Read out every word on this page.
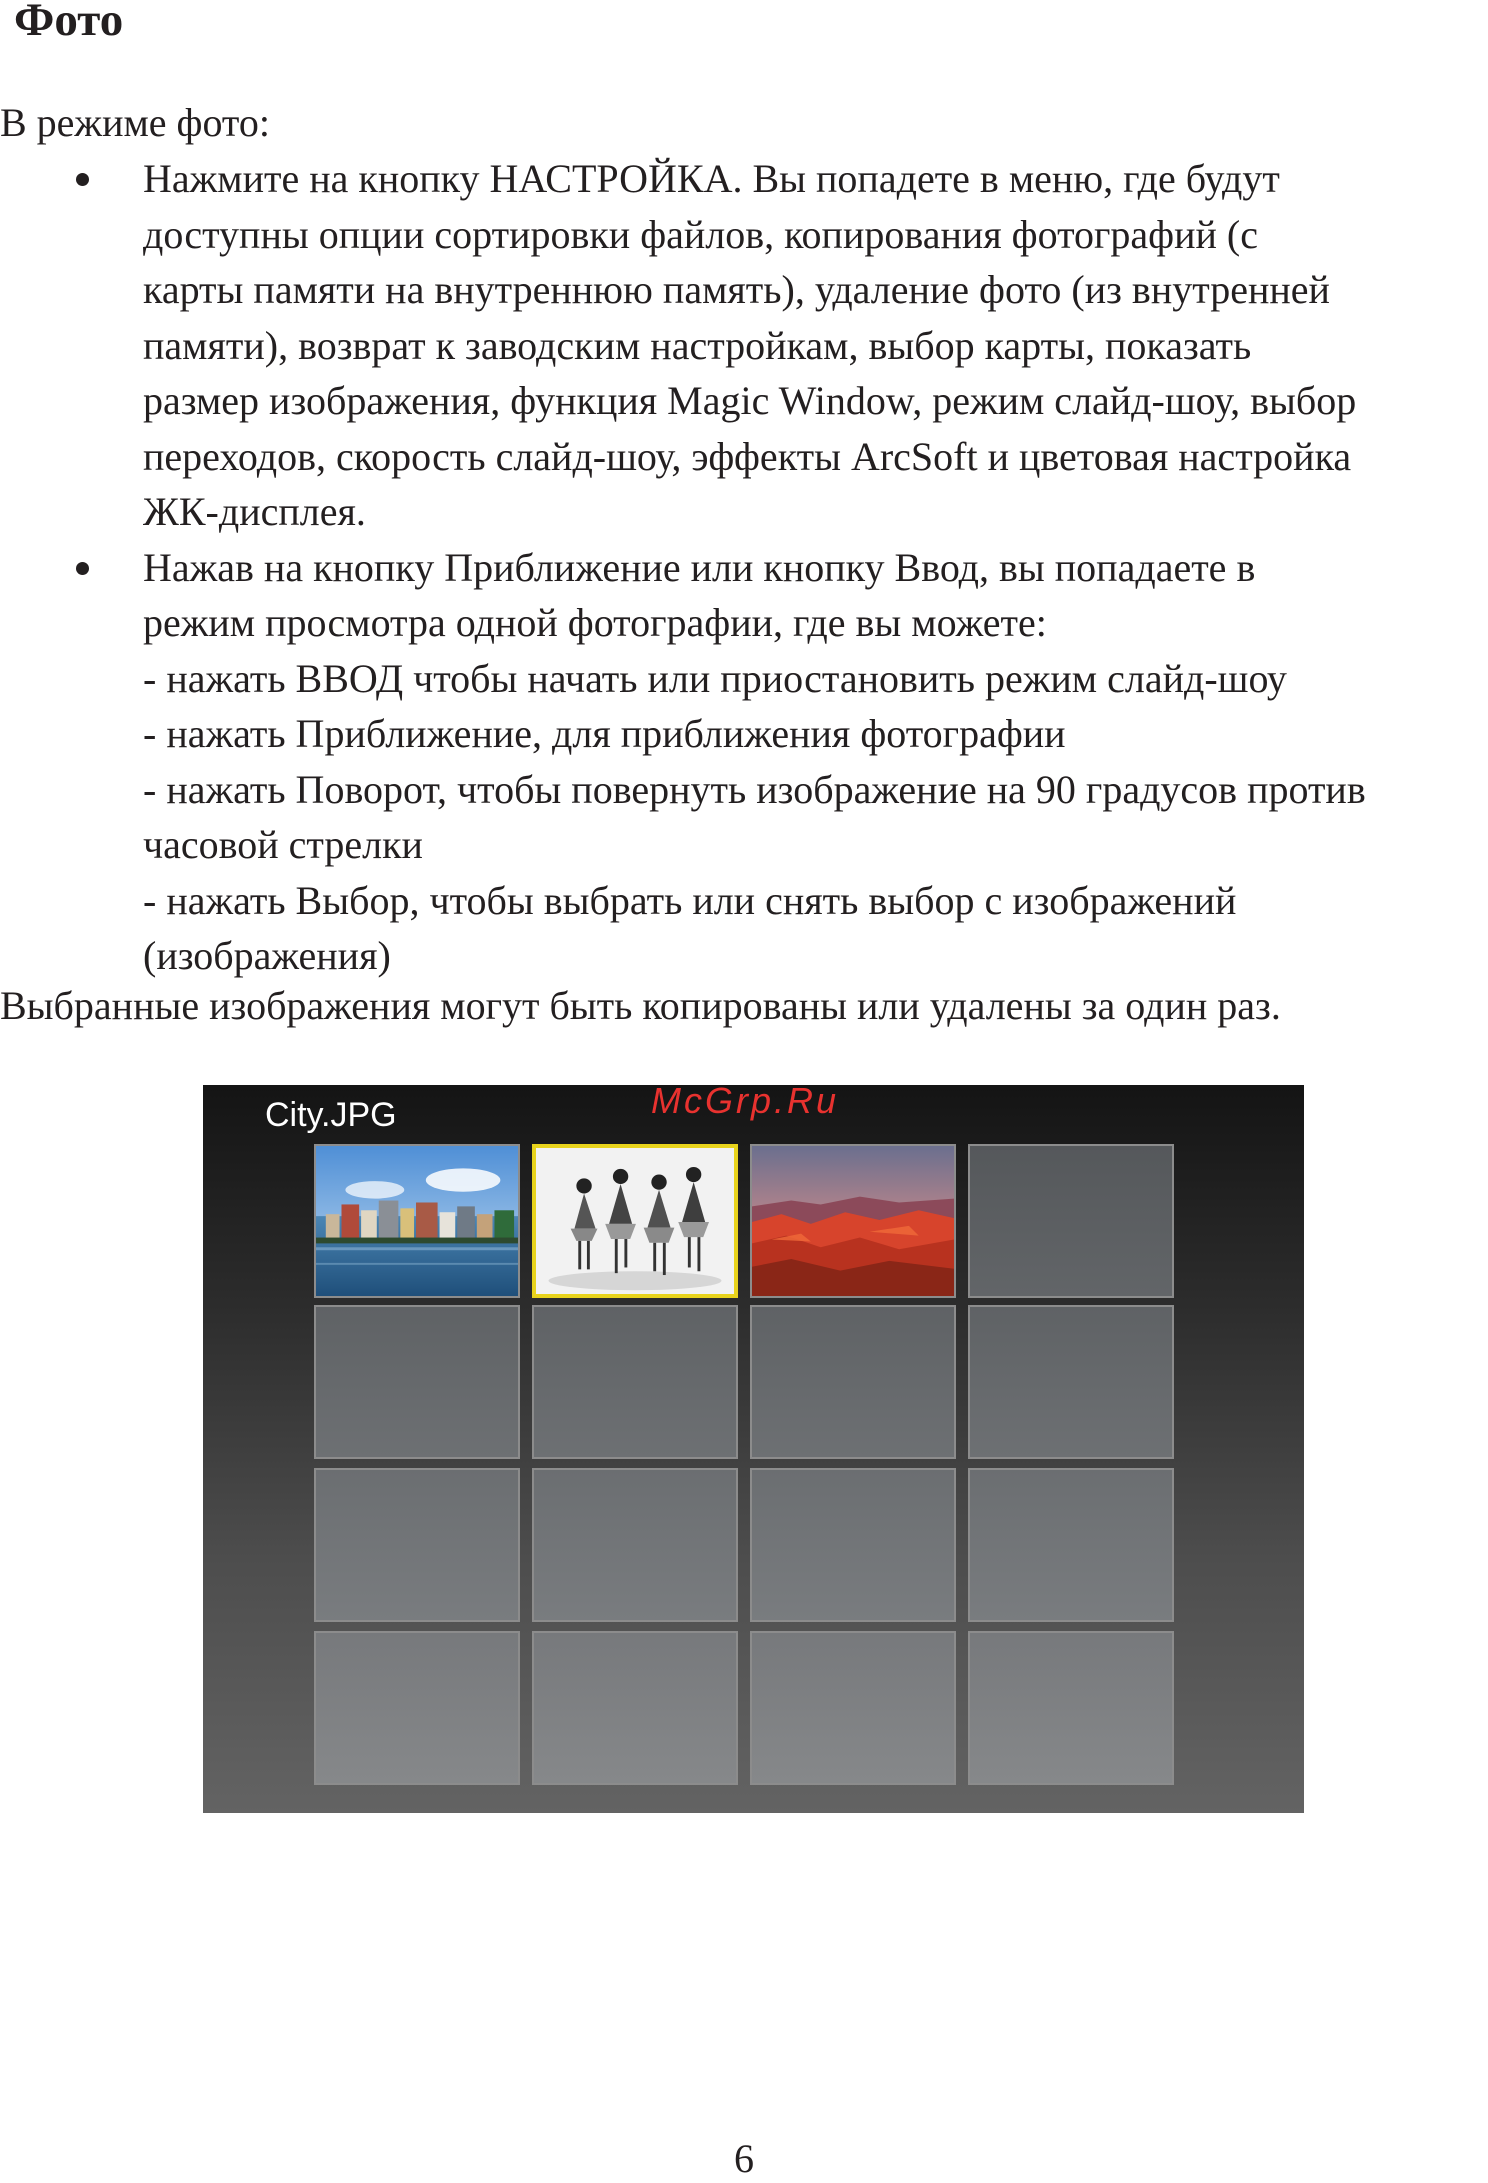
Фото

В режиме фото:

Нажмите на кнопку НАСТРОЙКА. Вы попадете в меню, где будут
доступны опции сортировки файлов, копирования фотографий (с
карты памяти на внутреннюю память), удаление фото (из внутренней
памяти), возврат к заводским настройкам, выбор карты, показать
размер изображения, функция Magic Window, режим слайд-шоу, выбор
переходов, скорость слайд-шоу, эффекты ArcSoft и цветовая настройка
ЖК-дисплея.
Нажав на кнопку Приближение или кнопку Ввод, вы попадаете в
режим просмотра одной фотографии, где вы можете:
- нажать ВВОД чтобы начать или приостановить режим слайд-шоу
- нажать Приближение, для приближения фотографии
- нажать Поворот, чтобы повернуть изображение на 90 градусов против
часовой стрелки
- нажать Выбор, чтобы выбрать или снять выбор с изображений
(изображения)

Выбранные изображения могут быть копированы или удалены за один раз.

City.JPG	McGrp.Ru
6
